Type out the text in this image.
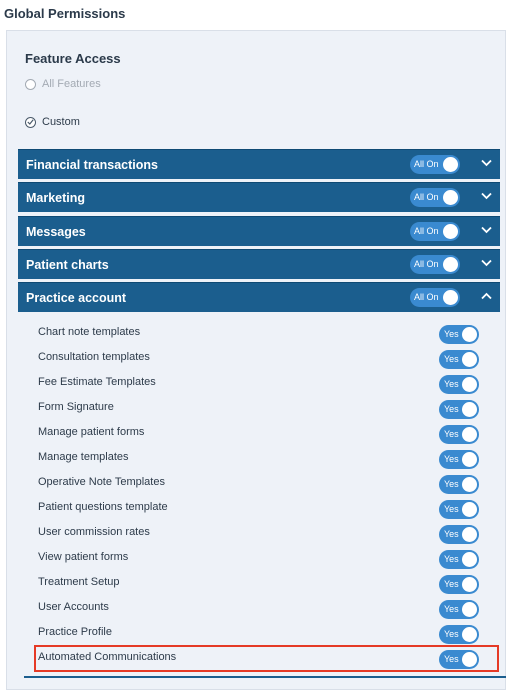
Global Permissions
Feature Access
All Features
Custom
Financial transactions	All On
Marketing	All On
Messages	All On
Patient charts	All On
Practice account	All On
Chart note templates	Yes
Consultation templates	Yes
Fee Estimate Templates	Yes
Form Signature	Yes
Manage patient forms	Yes
Manage templates	Yes
Operative Note Templates	Yes
Patient questions template	Yes
User commission rates	Yes
View patient forms	Yes
Treatment Setup	Yes
User Accounts	Yes
Practice Profile	Yes
Automated Communications	Yes
